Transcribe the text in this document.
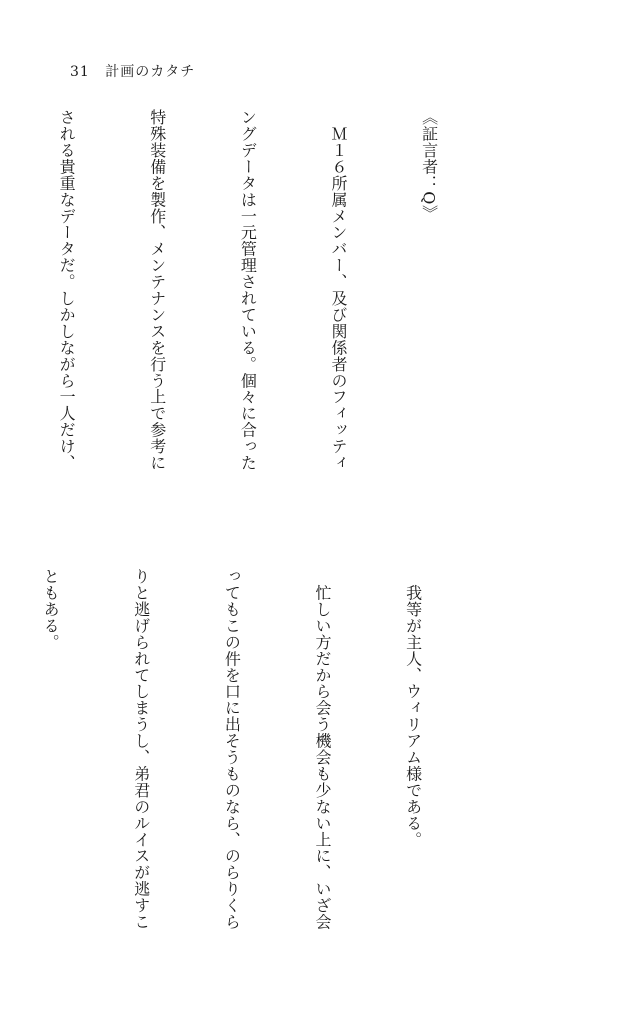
31 計画のカタチ

《証言者：Q》

　Ｍ１６所属メンバー、及び関係者のフィッティ

ングデータは一元管理されている。個々に合った

特殊装備を製作、メンテナンスを行う上で参考に

される貴重なデータだ。しかしながら一人だけ、

　我等が主人、ウィリアム様である。

　忙しい方だから会う機会も少ない上に、いざ会

ってもこの件を口に出そうものなら、のらりくら

りと逃げられてしまうし、弟君のルイスが逃すこ

ともある。
